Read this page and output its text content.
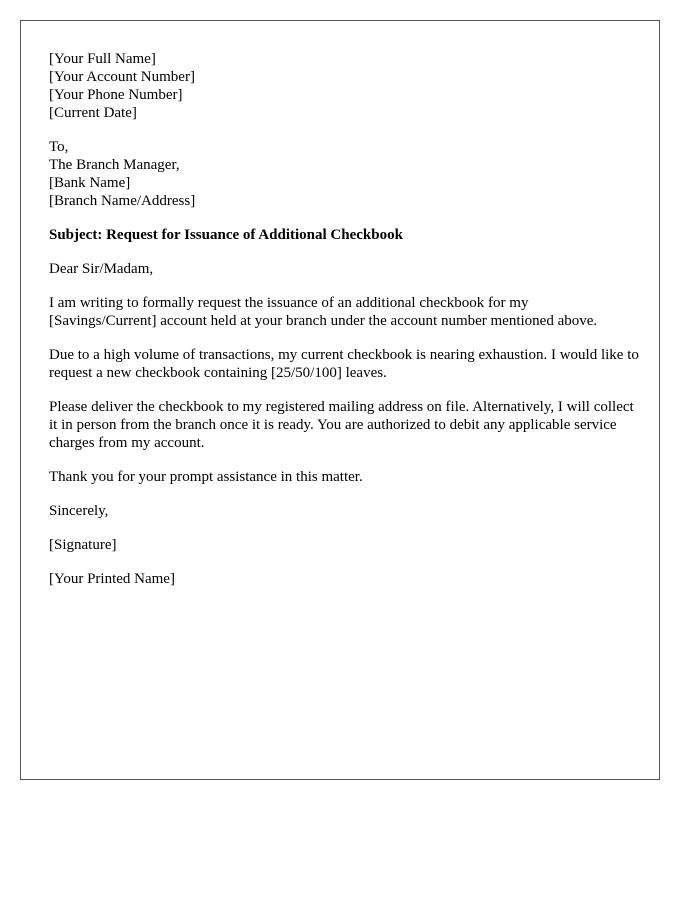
[Your Full Name]
[Your Account Number]
[Your Phone Number]
[Current Date]
To,
The Branch Manager,
[Bank Name]
[Branch Name/Address]

Subject: Request for Issuance of Additional Checkbook

Dear Sir/Madam,

I am writing to formally request the issuance of an additional checkbook for my [Savings/Current] account held at your branch under the account number mentioned above.

Due to a high volume of transactions, my current checkbook is nearing exhaustion. I would like to request a new checkbook containing [25/50/100] leaves.

Please deliver the checkbook to my registered mailing address on file. Alternatively, I will collect it in person from the branch once it is ready. You are authorized to debit any applicable service charges from my account.

Thank you for your prompt assistance in this matter.

Sincerely,

[Signature]

[Your Printed Name]
